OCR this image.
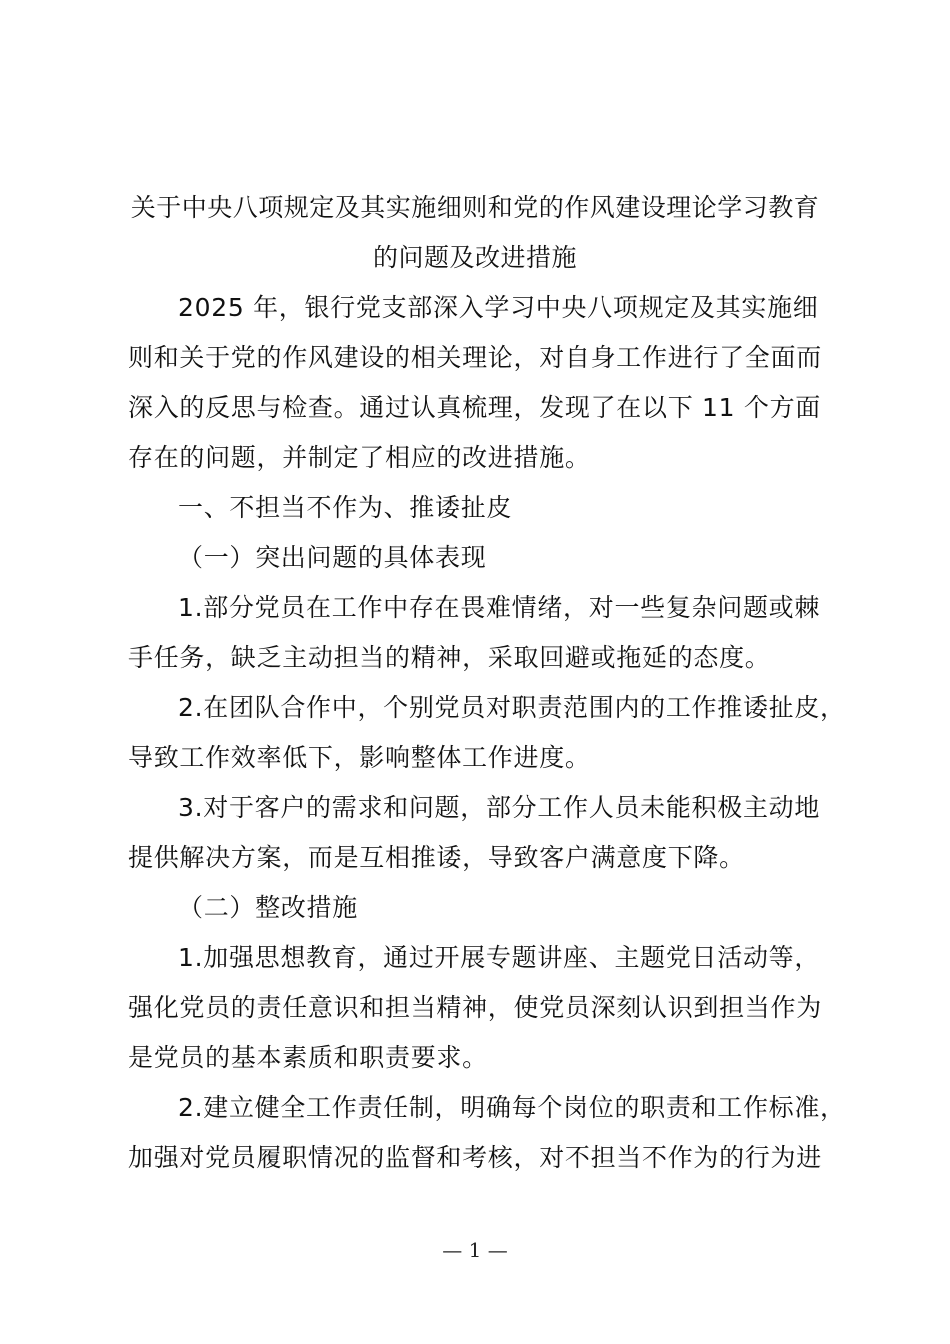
关于中央八项规定及其实施细则和党的作风建设理论学习教育
的问题及改进措施
2025 年，银行党支部深入学习中央八项规定及其实施细
则和关于党的作风建设的相关理论，对自身工作进行了全面而
深入的反思与检查。通过认真梳理，发现了在以下 11 个方面
存在的问题，并制定了相应的改进措施。
一、不担当不作为、推诿扯皮
（一）突出问题的具体表现
1.部分党员在工作中存在畏难情绪，对一些复杂问题或棘
手任务，缺乏主动担当的精神，采取回避或拖延的态度。
2.在团队合作中，个别党员对职责范围内的工作推诿扯皮，
导致工作效率低下，影响整体工作进度。
3.对于客户的需求和问题，部分工作人员未能积极主动地
提供解决方案，而是互相推诿，导致客户满意度下降。
（二）整改措施
1.加强思想教育，通过开展专题讲座、主题党日活动等，
强化党员的责任意识和担当精神，使党员深刻认识到担当作为
是党员的基本素质和职责要求。
2.建立健全工作责任制，明确每个岗位的职责和工作标准，
加强对党员履职情况的监督和考核，对不担当不作为的行为进
— 1 —
